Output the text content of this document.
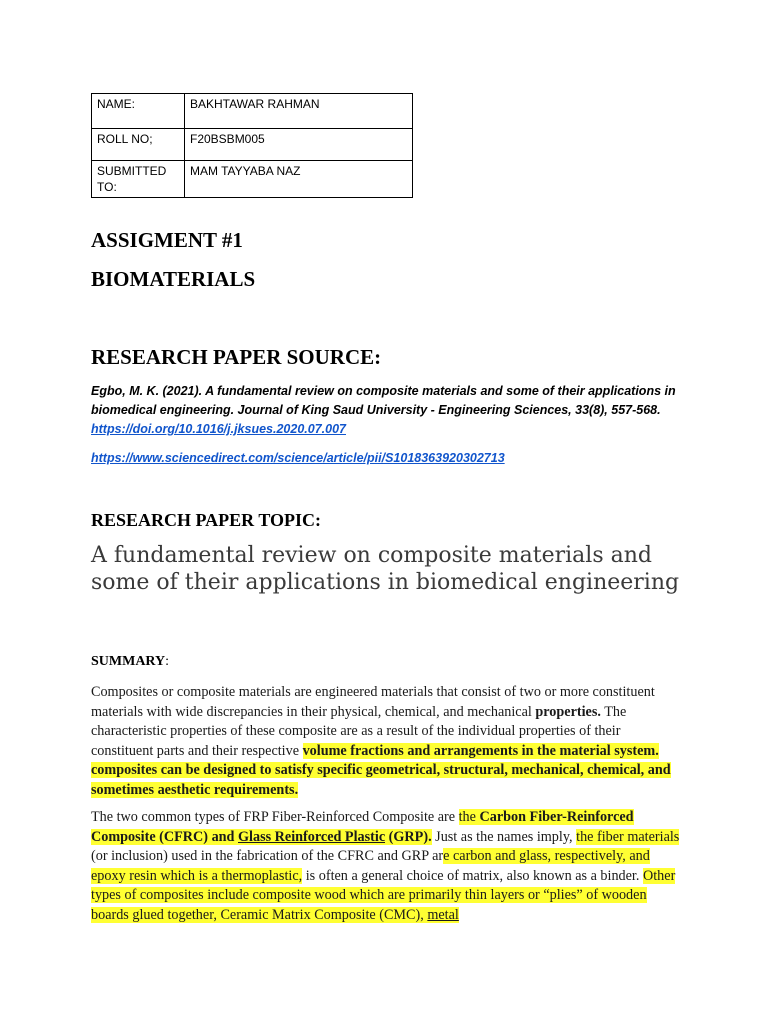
NAME:	BAKHTAWAR RAHMAN
ROLL NO;	F20BSBM005
SUBMITTED TO:	MAM TAYYABA NAZ
ASSIGMENT #1
BIOMATERIALS
RESEARCH PAPER SOURCE:

Egbo, M. K. (2021). A fundamental review on composite materials and some of their applications in biomedical engineering. Journal of King Saud University - Engineering Sciences, 33(8), 557-568.
https://doi.org/10.1016/j.jksues.2020.07.007

https://www.sciencedirect.com/science/article/pii/S1018363920302713
RESEARCH PAPER TOPIC:

A fundamental review on composite materials and some of their applications in biomedical engineering

SUMMARY:

Composites or composite materials are engineered materials that consist of two or more constituent materials with wide discrepancies in their physical, chemical, and mechanical properties. The characteristic properties of these composite are as a result of the individual properties of their constituent parts and their respective volume fractions and arrangements in the material system. composites can be designed to satisfy specific geometrical, structural, mechanical, chemical, and sometimes aesthetic requirements.

The two common types of FRP Fiber-Reinforced Composite are the Carbon Fiber-Reinforced Composite (CFRC) and Glass Reinforced Plastic (GRP). Just as the names imply, the fiber materials (or inclusion) used in the fabrication of the CFRC and GRP are carbon and glass, respectively, and epoxy resin which is a thermoplastic, is often a general choice of matrix, also known as a binder. Other types of composites include composite wood which are primarily thin layers or “plies” of wooden boards glued together, Ceramic Matrix Composite (CMC), metal
